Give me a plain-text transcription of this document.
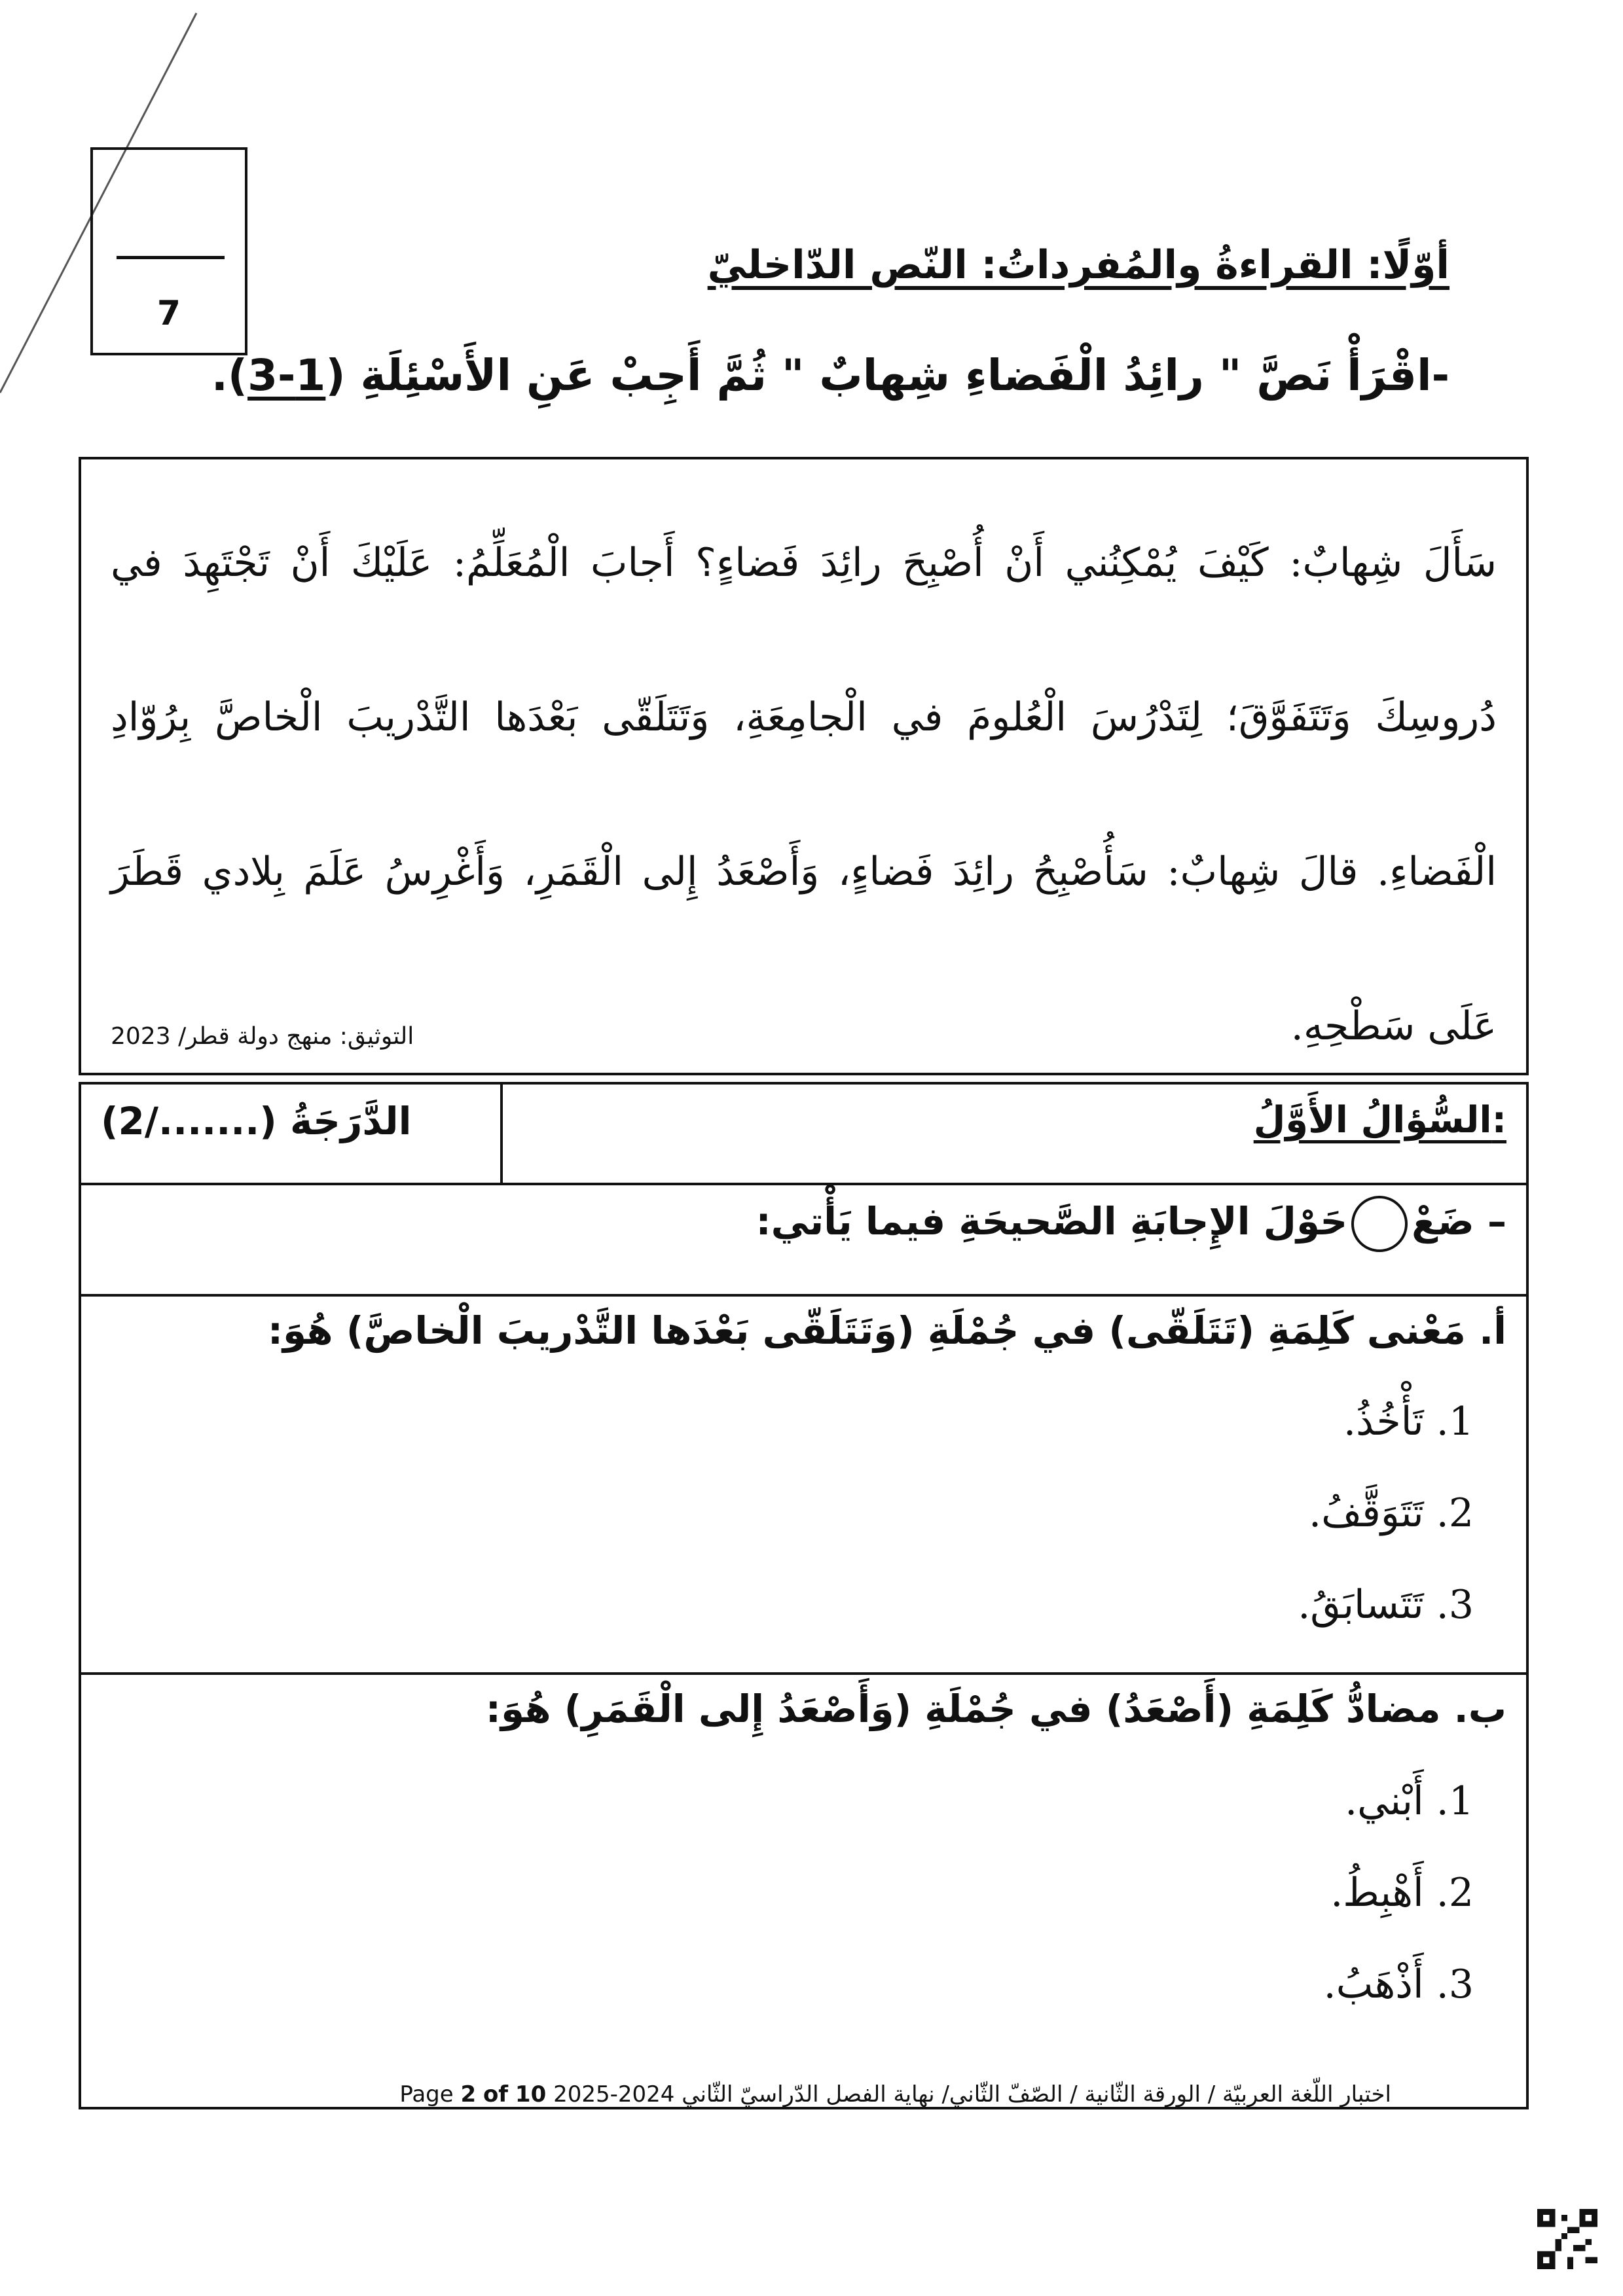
7
أوّلًا: القراءةُ والمُفرداتُ: النّص الدّاخليّ
-اقْرَأْ نَصَّ " رائِدُ الْفَضاءِ شِهابٌ " ثُمَّ أَجِبْ عَنِ الأَسْئِلَةِ (1-3).
سَأَلَ شِهابٌ: كَيْفَ يُمْكِنُني أَنْ أُصْبِحَ رائِدَ فَضاءٍ؟ أَجابَ الْمُعَلِّمُ: عَلَيْكَ أَنْ تَجْتَهِدَ في دُروسِكَ وَتَتَفَوَّقَ؛ لِتَدْرُسَ الْعُلومَ في الْجامِعَةِ، وَتَتَلَقّى بَعْدَها التَّدْريبَ الْخاصَّ بِرُوّادِ الْفَضاءِ. قالَ شِهابٌ: سَأُصْبِحُ رائِدَ فَضاءٍ، وَأَصْعَدُ إِلى الْقَمَرِ، وَأَغْرِسُ عَلَمَ بِلادي قَطَرَ عَلَى سَطْحِهِ.
التوثيق: منهج دولة قطر/ 2023
السُّؤالُ الأَوَّلُ:
الدَّرَجَةُ (......./2)
– ضَعْحَوْلَ الإِجابَةِ الصَّحيحَةِ فيما يَأْتي:
أ. مَعْنى كَلِمَةِ (تَتَلَقّى) في جُمْلَةِ (وَتَتَلَقّى بَعْدَها التَّدْريبَ الْخاصَّ) هُوَ:
1. تَأْخُذُ.
2. تَتَوَقَّفُ.
3. تَتَسابَقُ.
ب. مضادُّ كَلِمَةِ (أَصْعَدُ) في جُمْلَةِ (وَأَصْعَدُ إِلى الْقَمَرِ) هُوَ:
1. أَبْني.
2. أَهْبِطُ.
3. أَذْهَبُ.
اختبار اللّغة العربيّة / الورقة الثّانية / الصّفّ الثّاني/ نهاية الفصل الدّراسيّ الثّاني 2024-2025 Page 2 of 10
